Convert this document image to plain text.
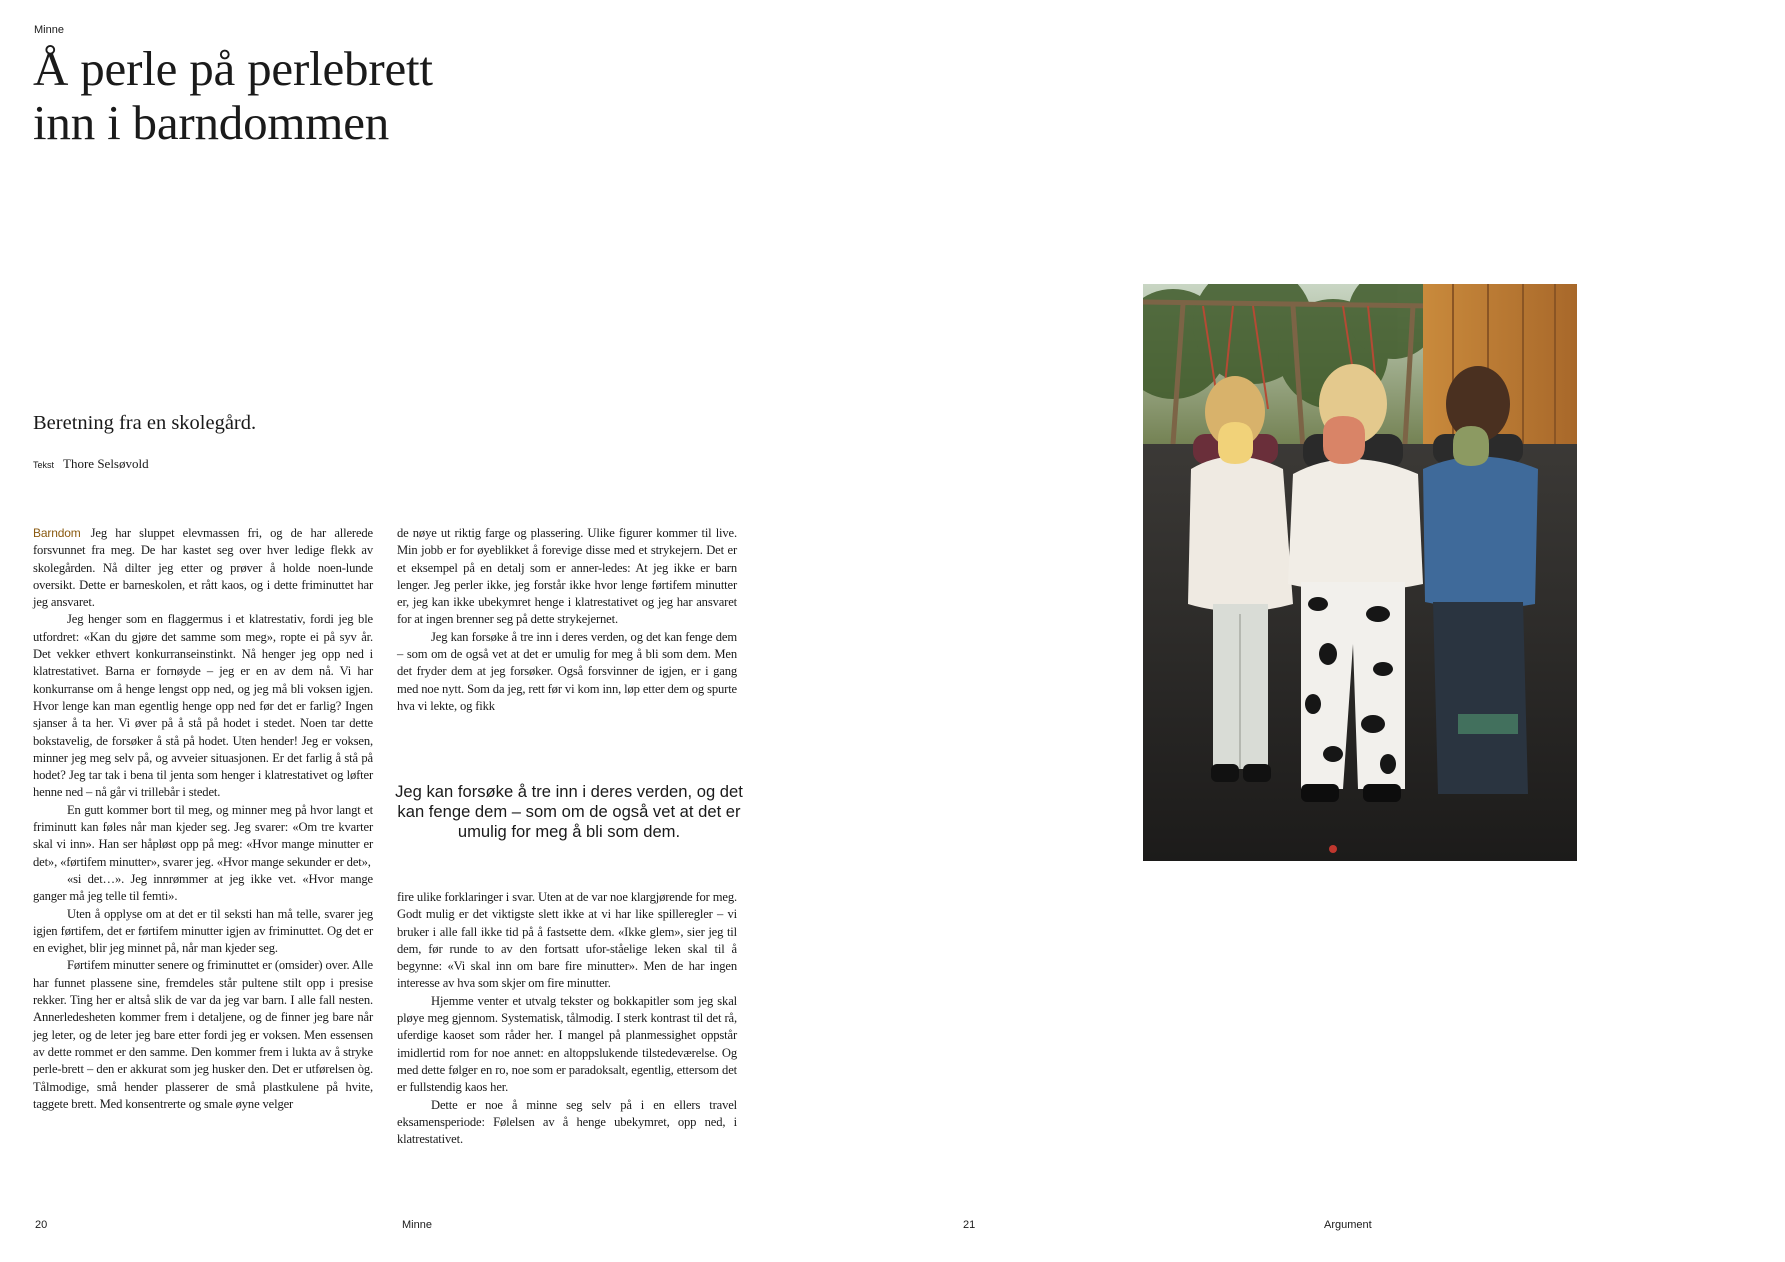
Minne
Å perle på perlebrett
inn i barndommen
Beretning fra en skolegård.
Tekst Thore Selsøvold

Barndom Jeg har sluppet elevmassen fri, og de har allerede forsvunnet fra meg. De har kastet seg over hver ledige flekk av skolegården. Nå dilter jeg etter og prøver å holde noen-lunde oversikt. Dette er barneskolen, et rått kaos, og i dette friminuttet har jeg ansvaret.

Jeg henger som en flaggermus i et klatrestativ, fordi jeg ble utfordret: «Kan du gjøre det samme som meg», ropte ei på syv år. Det vekker ethvert konkurranseinstinkt. Nå henger jeg opp ned i klatrestativet. Barna er fornøyde – jeg er en av dem nå. Vi har konkurranse om å henge lengst opp ned, og jeg må bli voksen igjen. Hvor lenge kan man egentlig henge opp ned før det er farlig? Ingen sjanser å ta her. Vi øver på å stå på hodet i stedet. Noen tar dette bokstavelig, de forsøker å stå på hodet. Uten hender! Jeg er voksen, minner jeg meg selv på, og avveier situasjonen. Er det farlig å stå på hodet? Jeg tar tak i bena til jenta som henger i klatrestativet og løfter henne ned – nå går vi trillebår i stedet.

En gutt kommer bort til meg, og minner meg på hvor langt et friminutt kan føles når man kjeder seg. Jeg svarer: «Om tre kvarter skal vi inn». Han ser håpløst opp på meg: «Hvor mange minutter er det», «førtifem minutter», svarer jeg. «Hvor mange sekunder er det»,

«si det…». Jeg innrømmer at jeg ikke vet. «Hvor mange ganger må jeg telle til femti».

Uten å opplyse om at det er til seksti han må telle, svarer jeg igjen førtifem, det er førtifem minutter igjen av friminuttet. Og det er en evighet, blir jeg minnet på, når man kjeder seg.

Førtifem minutter senere og friminuttet er (omsider) over. Alle har funnet plassene sine, fremdeles står pultene stilt opp i presise rekker. Ting her er altså slik de var da jeg var barn. I alle fall nesten. Annerledesheten kommer frem i detaljene, og de finner jeg bare når jeg leter, og de leter jeg bare etter fordi jeg er voksen. Men essensen av dette rommet er den samme. Den kommer frem i lukta av å stryke perle-brett – den er akkurat som jeg husker den. Det er utførelsen òg. Tålmodige, små hender plasserer de små plastkulene på hvite, taggete brett. Med konsentrerte og smale øyne velger

de nøye ut riktig farge og plassering. Ulike figurer kommer til live. Min jobb er for øyeblikket å forevige disse med et strykejern. Det er et eksempel på en detalj som er anner-ledes: At jeg ikke er barn lenger. Jeg perler ikke, jeg forstår ikke hvor lenge førtifem minutter er, jeg kan ikke ubekymret henge i klatrestativet og jeg har ansvaret for at ingen brenner seg på dette strykejernet.

Jeg kan forsøke å tre inn i deres verden, og det kan fenge dem – som om de også vet at det er umulig for meg å bli som dem. Men det fryder dem at jeg forsøker. Også forsvinner de igjen, er i gang med noe nytt. Som da jeg, rett før vi kom inn, løp etter dem og spurte hva vi lekte, og fikk

Jeg kan forsøke å tre inn i deres verden, og det kan fenge dem – som om de også vet at det er umulig for meg å bli som dem.

fire ulike forklaringer i svar. Uten at de var noe klargjørende for meg. Godt mulig er det viktigste slett ikke at vi har like spilleregler – vi bruker i alle fall ikke tid på å fastsette dem. «Ikke glem», sier jeg til dem, før runde to av den fortsatt ufor-ståelige leken skal til å begynne: «Vi skal inn om bare fire minutter». Men de har ingen interesse av hva som skjer om fire minutter.

Hjemme venter et utvalg tekster og bokkapitler som jeg skal pløye meg gjennom. Systematisk, tålmodig. I sterk kontrast til det rå, uferdige kaoset som råder her. I mangel på planmessighet oppstår imidlertid rom for noe annet: en altoppslukende tilstedeværelse. Og med dette følger en ro, noe som er paradoksalt, egentlig, ettersom det er fullstendig kaos her.

Dette er noe å minne seg selv på i en ellers travel eksamensperiode: Følelsen av å henge ubekymret, opp ned, i klatrestativet.

20	Minne	21	Argument
